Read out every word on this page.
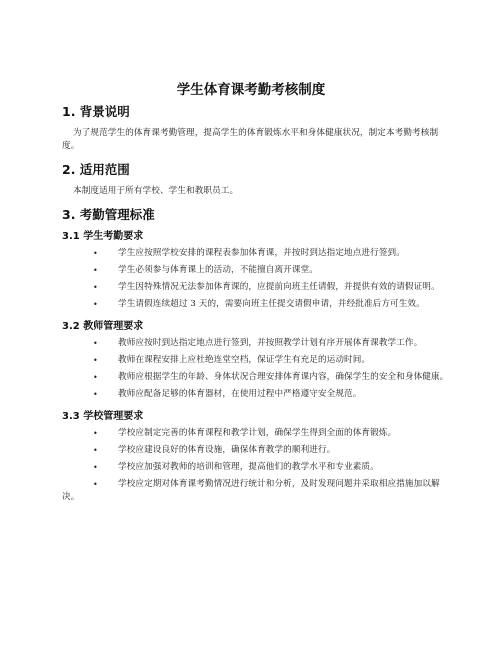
学生体育课考勤考核制度
1. 背景说明

为了规范学生的体育课考勤管理，提高学生的体育锻炼水平和身体健康状况，制定本考勤考核制度。

2. 适用范围

本制度适用于所有学校、学生和教职员工。

3. 考勤管理标准
3.1 学生考勤要求
• 学生应按照学校安排的课程表参加体育课，并按时到达指定地点进行签到。
• 学生必须参与体育课上的活动，不能擅自离开课堂。
• 学生因特殊情况无法参加体育课的，应提前向班主任请假，并提供有效的请假证明。
• 学生请假连续超过 3 天的，需要向班主任提交请假申请，并经批准后方可生效。
3.2 教师管理要求
• 教师应按时到达指定地点进行签到，并按照教学计划有序开展体育课教学工作。
• 教师在课程安排上应杜绝连堂空档，保证学生有充足的运动时间。
• 教师应根据学生的年龄、身体状况合理安排体育课内容，确保学生的安全和身体健康。
• 教师应配备足够的体育器材，在使用过程中严格遵守安全规范。
3.3 学校管理要求
• 学校应制定完善的体育课程和教学计划，确保学生得到全面的体育锻炼。
• 学校应建设良好的体育设施，确保体育教学的顺利进行。
• 学校应加强对教师的培训和管理，提高他们的教学水平和专业素质。
• 学校应定期对体育课考勤情况进行统计和分析，及时发现问题并采取相应措施加以解决。
